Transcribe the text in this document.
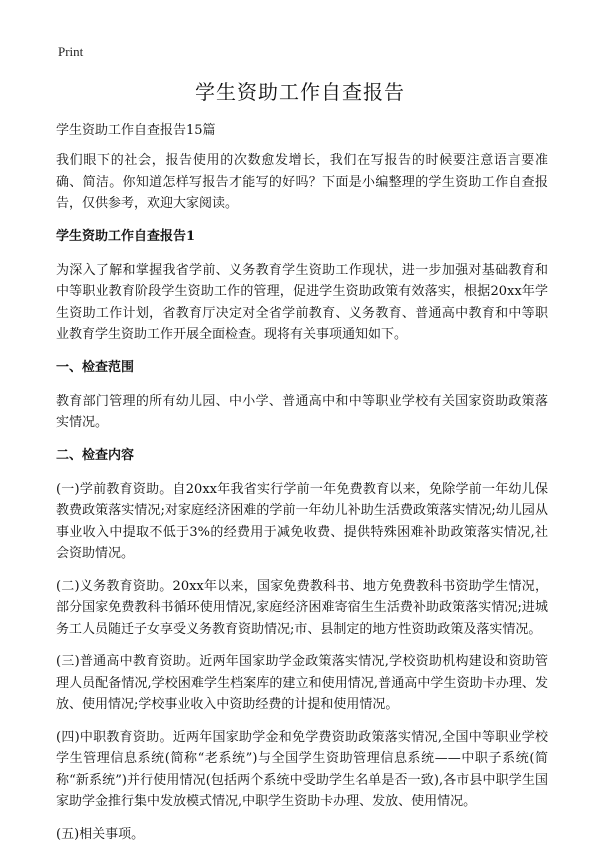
Print
学生资助工作自查报告

学生资助工作自查报告15篇

我们眼下的社会，报告使用的次数愈发增长，我们在写报告的时候要注意语言要准确、简洁。你知道怎样写报告才能写的好吗？下面是小编整理的学生资助工作自查报告，仅供参考，欢迎大家阅读。

学生资助工作自查报告1

为深入了解和掌握我省学前、义务教育学生资助工作现状，进一步加强对基础教育和中等职业教育阶段学生资助工作的管理，促进学生资助政策有效落实，根据20xx年学生资助工作计划，省教育厅决定对全省学前教育、义务教育、普通高中教育和中等职业教育学生资助工作开展全面检查。现将有关事项通知如下。

一、检查范围

教育部门管理的所有幼儿园、中小学、普通高中和中等职业学校有关国家资助政策落实情况。

二、检查内容

(一)学前教育资助。自20xx年我省实行学前一年免费教育以来，免除学前一年幼儿保教费政策落实情况;对家庭经济困难的学前一年幼儿补助生活费政策落实情况;幼儿园从事业收入中提取不低于3%的经费用于减免收费、提供特殊困难补助政策落实情况,社会资助情况。

(二)义务教育资助。20xx年以来，国家免费教科书、地方免费教科书资助学生情况，部分国家免费教科书循环使用情况,家庭经济困难寄宿生生活费补助政策落实情况;进城务工人员随迁子女享受义务教育资助情况;市、县制定的地方性资助政策及落实情况。

(三)普通高中教育资助。近两年国家助学金政策落实情况,学校资助机构建设和资助管理人员配备情况,学校困难学生档案库的建立和使用情况,普通高中学生资助卡办理、发放、使用情况;学校事业收入中资助经费的计提和使用情况。

(四)中职教育资助。近两年国家助学金和免学费资助政策落实情况,全国中等职业学校学生管理信息系统(简称“老系统”)与全国学生资助管理信息系统——中职子系统(简称“新系统”)并行使用情况(包括两个系统中受助学生名单是否一致),各市县中职学生国家助学金推行集中发放模式情况,中职学生资助卡办理、发放、使用情况。

(五)相关事项。
